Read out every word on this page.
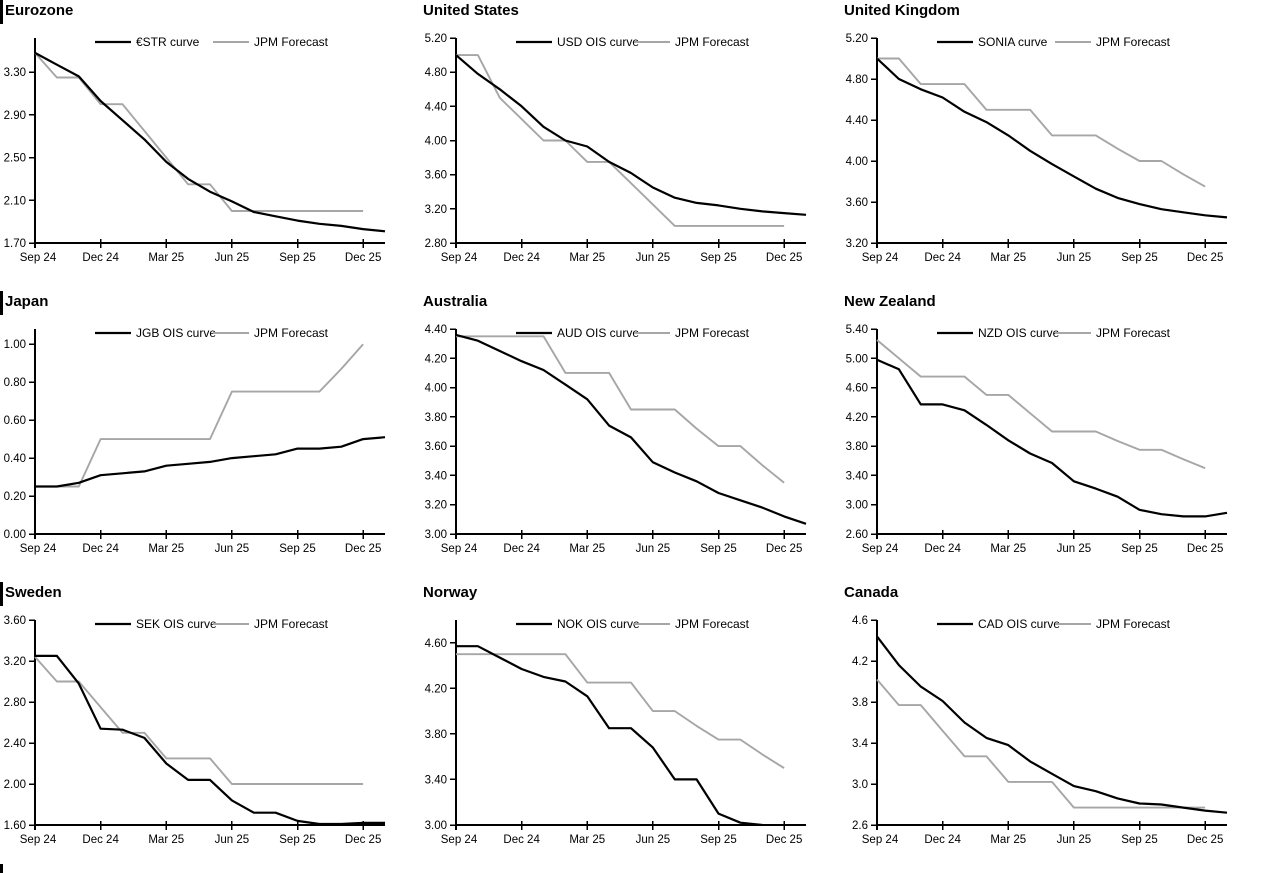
Eurozone
1.70
2.10
2.50
2.90
3.30
Sep 24 Dec 24	Mar 25	Jun 25	Sep 25	Dec 25
€STR curve	JPM Forecast
United States
2.80
3.20
3.60
4.00
4.40
4.80
5.20
Sep 24 Dec 24	Mar 25	Jun 25	Sep 25	Dec 25
USD OIS curve	JPM Forecast
United Kingdom
3.20
3.60
4.00
4.40
4.80
5.20
Sep 24 Dec 24	Mar 25	Jun 25	Sep 25	Dec 25
SONIA curve	JPM Forecast
Japan
0.00
0.20
0.40
0.60
0.80
1.00
Sep 24 Dec 24	Mar 25	Jun 25	Sep 25	Dec 25
JGB OIS curve	JPM Forecast
Australia
3.00
3.20
3.40
3.60
3.80
4.00
4.20
4.40
Sep 24 Dec 24	Mar 25	Jun 25	Sep 25	Dec 25
AUD OIS curve	JPM Forecast
New Zealand
2.60
3.00
3.40
3.80
4.20
4.60
5.00
5.40
Sep 24 Dec 24	Mar 25	Jun 25	Sep 25	Dec 25
NZD OIS curve	JPM Forecast
Sweden
1.60
2.00
2.40
2.80
3.20
3.60
Sep 24 Dec 24	Mar 25	Jun 25	Sep 25	Dec 25
SEK OIS curve	JPM Forecast
Norway
3.00
3.40
3.80
4.20
4.60
Sep 24 Dec 24	Mar 25	Jun 25	Sep 25	Dec 25
NOK OIS curve	JPM Forecast
Canada
2.6
3.0
3.4
3.8
4.2
4.6
Sep 24 Dec 24	Mar 25	Jun 25	Sep 25	Dec 25
CAD OIS curve	JPM Forecast
